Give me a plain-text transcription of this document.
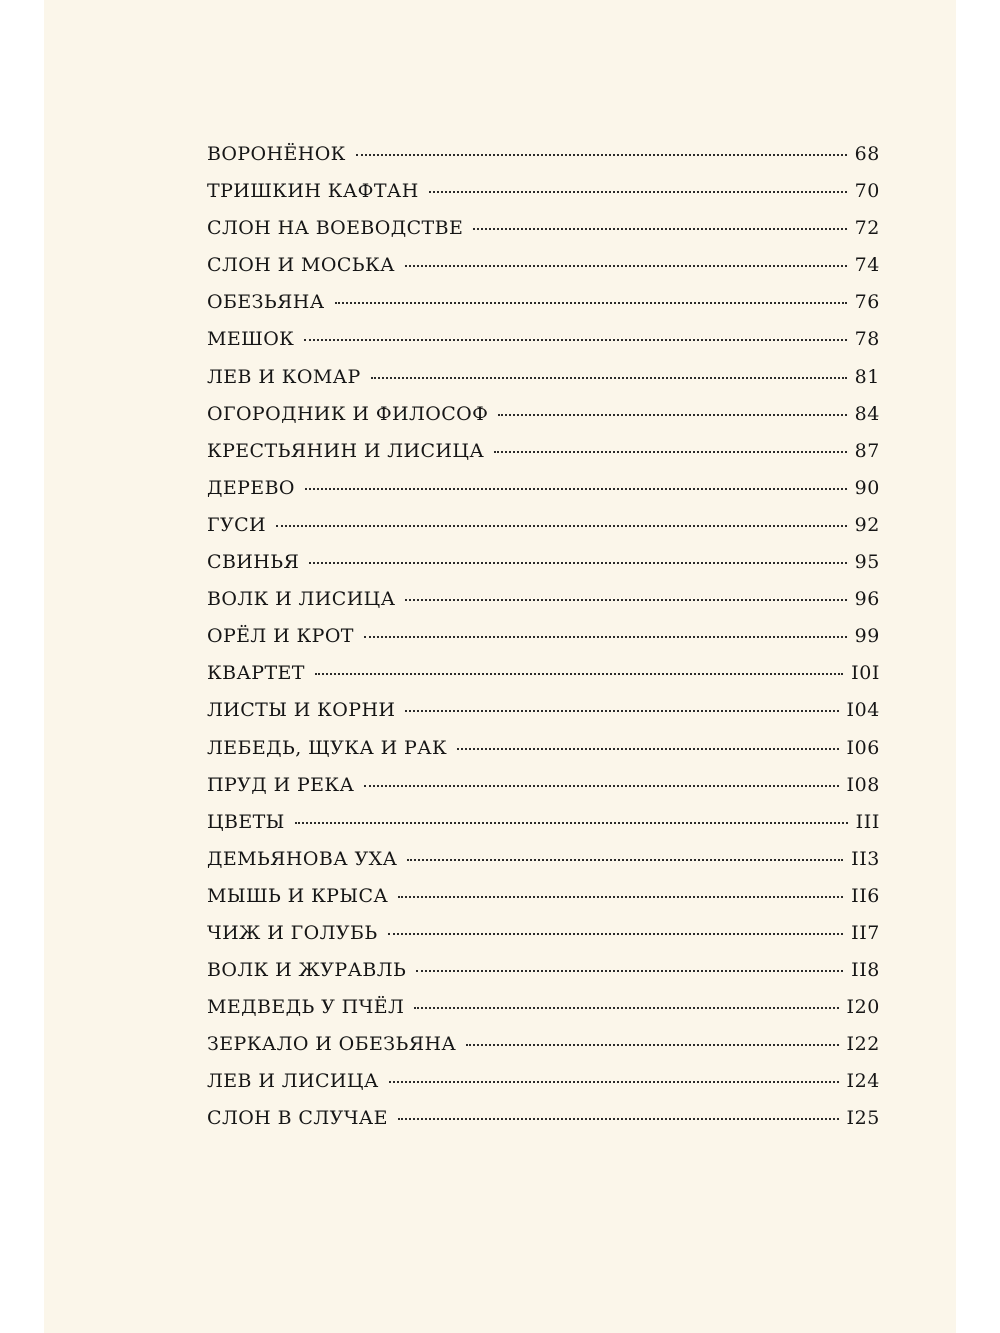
ВОРОНЁНОК	68
ТРИШКИН КАФТАН	70
СЛОН НА ВОЕВОДСТВЕ	72
СЛОН И МОСЬКА	74
ОБЕЗЬЯНА	76
МЕШОК	78
ЛЕВ И КОМАР	81
ОГОРОДНИК И ФИЛОСОФ	84
КРЕСТЬЯНИН И ЛИСИЦА	87
ДЕРЕВО	90
ГУСИ	92
СВИНЬЯ	95
ВОЛК И ЛИСИЦА	96
ОРЁЛ И КРОТ	99
КВАРТЕТ	I0I
ЛИСТЫ И КОРНИ	I04
ЛЕБЕДЬ, ЩУКА И РАК	I06
ПРУД И РЕКА	I08
ЦВЕТЫ	III
ДЕМЬЯНОВА УХА	II3
МЫШЬ И КРЫСА	II6
ЧИЖ И ГОЛУБЬ	II7
ВОЛК И ЖУРАВЛЬ	II8
МЕДВЕДЬ У ПЧЁЛ	I20
ЗЕРКАЛО И ОБЕЗЬЯНА	I22
ЛЕВ И ЛИСИЦА	I24
СЛОН В СЛУЧАЕ	I25
